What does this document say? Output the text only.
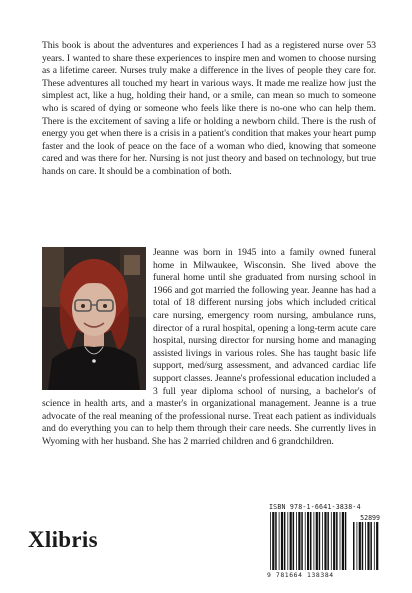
This book is about the adventures and experiences I had as a registered nurse over 53 years. I wanted to share these experiences to inspire men and women to choose nursing as a lifetime career. Nurses truly make a difference in the lives of people they care for. These adventures all touched my heart in various ways. It made me realize how just the simplest act, like a hug, holding their hand, or a smile, can mean so much to someone who is scared of dying or someone who feels like there is no-one who can help them. There is the excitement of saving a life or holding a newborn child. There is the rush of energy you get when there is a crisis in a patient's condition that makes your heart pump faster and the look of peace on the face of a woman who died, knowing that someone cared and was there for her. Nursing is not just theory and based on technology, but true hands on care. It should be a combination of both.

Jeanne was born in 1945 into a family owned funeral home in Milwaukee, Wisconsin. She lived above the funeral home until she graduated from nursing school in 1966 and got married the following year. Jeanne has had a total of 18 different nursing jobs which included critical care nursing, emergency room nursing, ambulance runs, director of a rural hospital, opening a long-term acute care hospital, nursing director for nursing home and managing assisted livings in various roles. She has taught basic life support, med/surg assessment, and advanced cardiac life support classes. Jeanne's professional education included a 3 full year diploma school of nursing, a bachelor's of science in health arts, and a master's in organizational management. Jeanne is a true advocate of the real meaning of the professional nurse. Treat each patient as individuals and do everything you can to help them through their care needs. She currently lives in Wyoming with her husband. She has 2 married children and 6 grandchildren.

ISBN 978-1-6641-3838-4
52899
9 781664 138384
Xlibris
